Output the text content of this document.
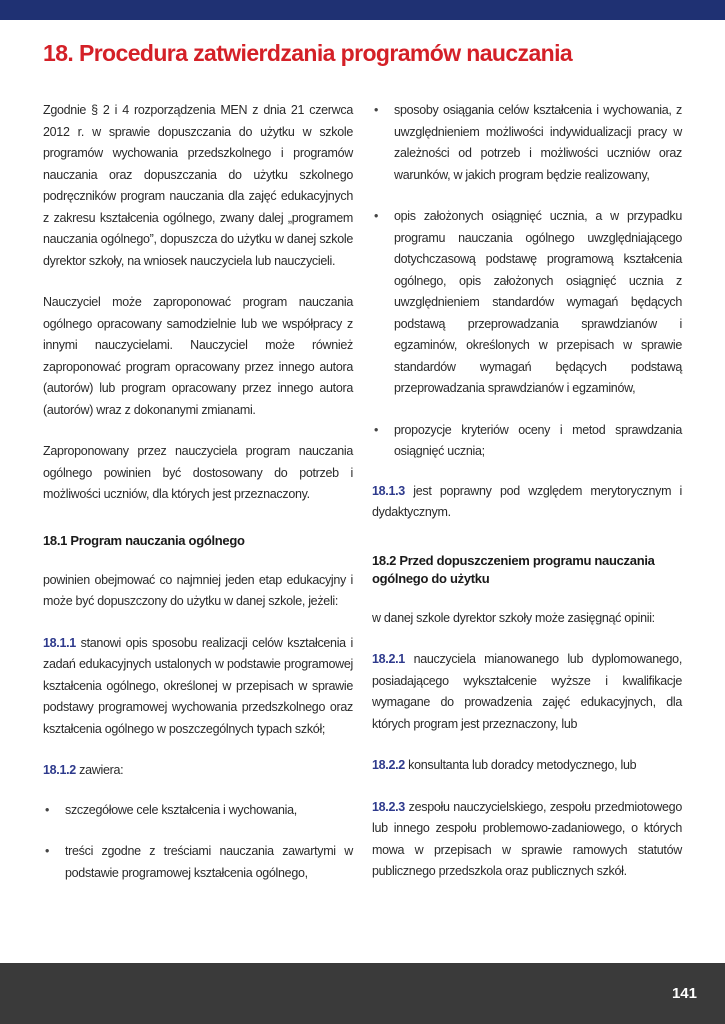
18. Procedura zatwierdzania programów nauczania

Zgodnie § 2 i 4 rozporządzenia MEN z dnia 21 czerwca 2012 r. w sprawie dopuszczania do użytku w szkole programów wychowania przedszkolnego i programów nauczania oraz dopuszczania do użytku szkolnego podręczników program nauczania dla zajęć edukacyjnych z zakresu kształcenia ogólnego, zwany dalej „programem nauczania ogólnego”, dopuszcza do użytku w danej szkole dyrektor szkoły, na wniosek nauczyciela lub nauczycieli.

Nauczyciel może zaproponować program nauczania ogólnego opracowany samodzielnie lub we współpracy z innymi nauczycielami. Nauczyciel może również zaproponować program opracowany przez innego autora (autorów) lub program opracowany przez innego autora (autorów) wraz z dokonanymi zmianami.

Zaproponowany przez nauczyciela program nauczania ogólnego powinien być dostosowany do potrzeb i możliwości uczniów, dla których jest przeznaczony.

18.1 Program nauczania ogólnego

powinien obejmować co najmniej jeden etap edukacyjny i może być dopuszczony do użytku w danej szkole, jeżeli:

18.1.1 stanowi opis sposobu realizacji celów kształcenia i zadań edukacyjnych ustalonych w podstawie programowej kształcenia ogólnego, określonej w przepisach w sprawie podstawy programowej wychowania przedszkolnego oraz kształcenia ogólnego w poszczególnych typach szkół;

18.1.2 zawiera:

• szczegółowe cele kształcenia i wychowania,
• treści zgodne z treściami nauczania zawartymi w podstawie programowej kształcenia ogólnego,
• sposoby osiągania celów kształcenia i wychowania, z uwzględnieniem możliwości indywidualizacji pracy w zależności od potrzeb i możliwości uczniów oraz warunków, w jakich program będzie realizowany,
• opis założonych osiągnięć ucznia, a w przypadku programu nauczania ogólnego uwzględniającego dotychczasową podstawę programową kształcenia ogólnego, opis założonych osiągnięć ucznia z uwzględnieniem standardów wymagań będących podstawą przeprowadzania sprawdzianów i egzaminów, określonych w przepisach w sprawie standardów wymagań będących podstawą przeprowadzania sprawdzianów i egzaminów,
• propozycje kryteriów oceny i metod sprawdzania osiągnięć ucznia;

18.1.3 jest poprawny pod względem merytorycznym i dydaktycznym.

18.2 Przed dopuszczeniem programu nauczania ogólnego do użytku

w danej szkole dyrektor szkoły może zasięgnąć opinii:

18.2.1 nauczyciela mianowanego lub dyplomowanego, posiadającego wykształcenie wyższe i kwalifikacje wymagane do prowadzenia zajęć edukacyjnych, dla których program jest przeznaczony, lub

18.2.2 konsultanta lub doradcy metodycznego, lub

18.2.3 zespołu nauczycielskiego, zespołu przedmiotowego lub innego zespołu problemowo-zadaniowego, o których mowa w przepisach w sprawie ramowych statutów publicznego przedszkola oraz publicznych szkół.

141
